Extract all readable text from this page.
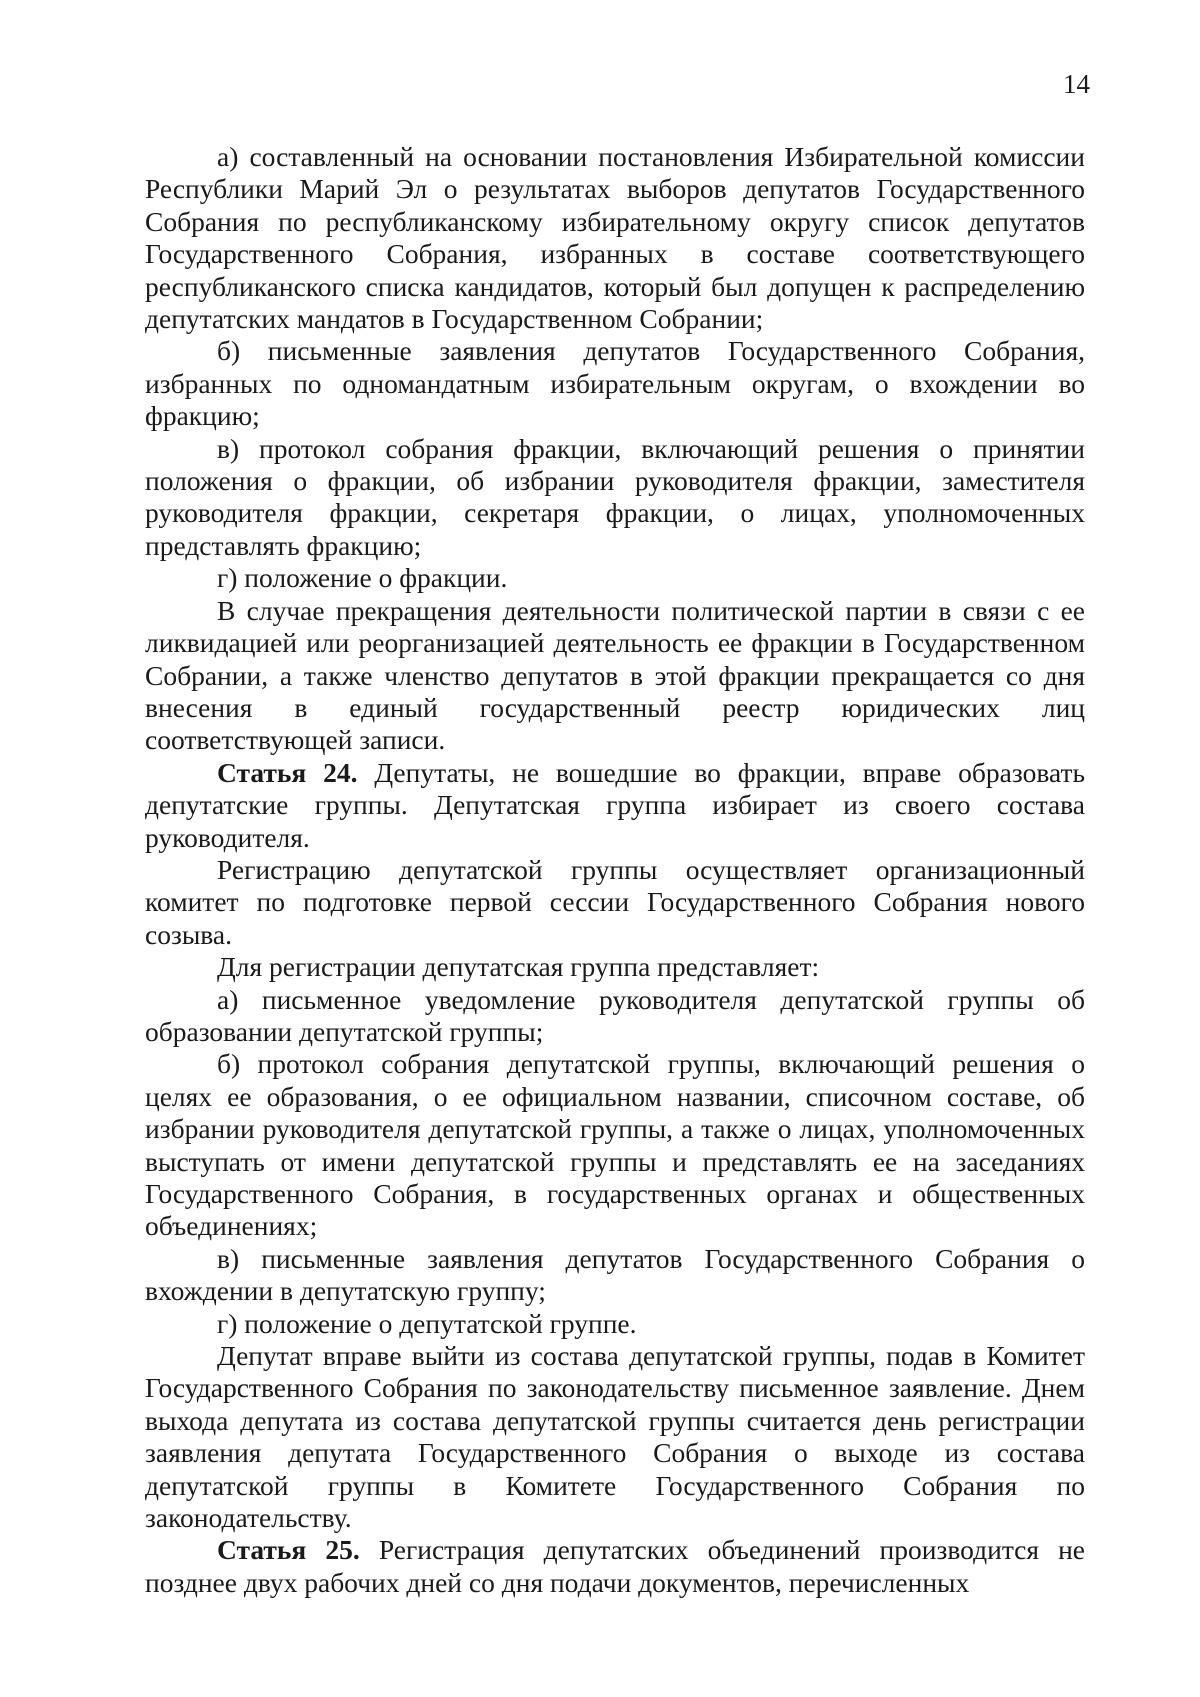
14

а) составленный на основании постановления Избирательной комиссии Республики Марий Эл о результатах выборов депутатов Государственного Собрания по республиканскому избирательному округу список депутатов Государственного Собрания, избранных в составе соответствующего республиканского списка кандидатов, который был допущен к распределению депутатских мандатов в Государственном Собрании;

б) письменные заявления депутатов Государственного Собрания, избранных по одномандатным избирательным округам, о вхождении во фракцию;

в) протокол собрания фракции, включающий решения о принятии положения о фракции, об избрании руководителя фракции, заместителя руководителя фракции, секретаря фракции, о лицах, уполномоченных представлять фракцию;

г) положение о фракции.

В случае прекращения деятельности политической партии в связи с ее ликвидацией или реорганизацией деятельность ее фракции в Государственном Собрании, а также членство депутатов в этой фракции прекращается со дня внесения в единый государственный реестр юридических лиц соответствующей записи.

Статья 24. Депутаты, не вошедшие во фракции, вправе образовать депутатские группы. Депутатская группа избирает из своего состава руководителя.

Регистрацию депутатской группы осуществляет организационный комитет по подготовке первой сессии Государственного Собрания нового созыва.

Для регистрации депутатская группа представляет:

а) письменное уведомление руководителя депутатской группы об образовании депутатской группы;

б) протокол собрания депутатской группы, включающий решения о целях ее образования, о ее официальном названии, списочном составе, об избрании руководителя депутатской группы, а также о лицах, уполномоченных выступать от имени депутатской группы и представлять ее на заседаниях Государственного Собрания, в государственных органах и общественных объединениях;

в) письменные заявления депутатов Государственного Собрания о вхождении в депутатскую группу;

г) положение о депутатской группе.

Депутат вправе выйти из состава депутатской группы, подав в Комитет Государственного Собрания по законодательству письменное заявление. Днем выхода депутата из состава депутатской группы считается день регистрации заявления депутата Государственного Собрания о выходе из состава депутатской группы в Комитете Государственного Собрания по законодательству.

Статья 25. Регистрация депутатских объединений производится не позднее двух рабочих дней со дня подачи документов, перечисленных
